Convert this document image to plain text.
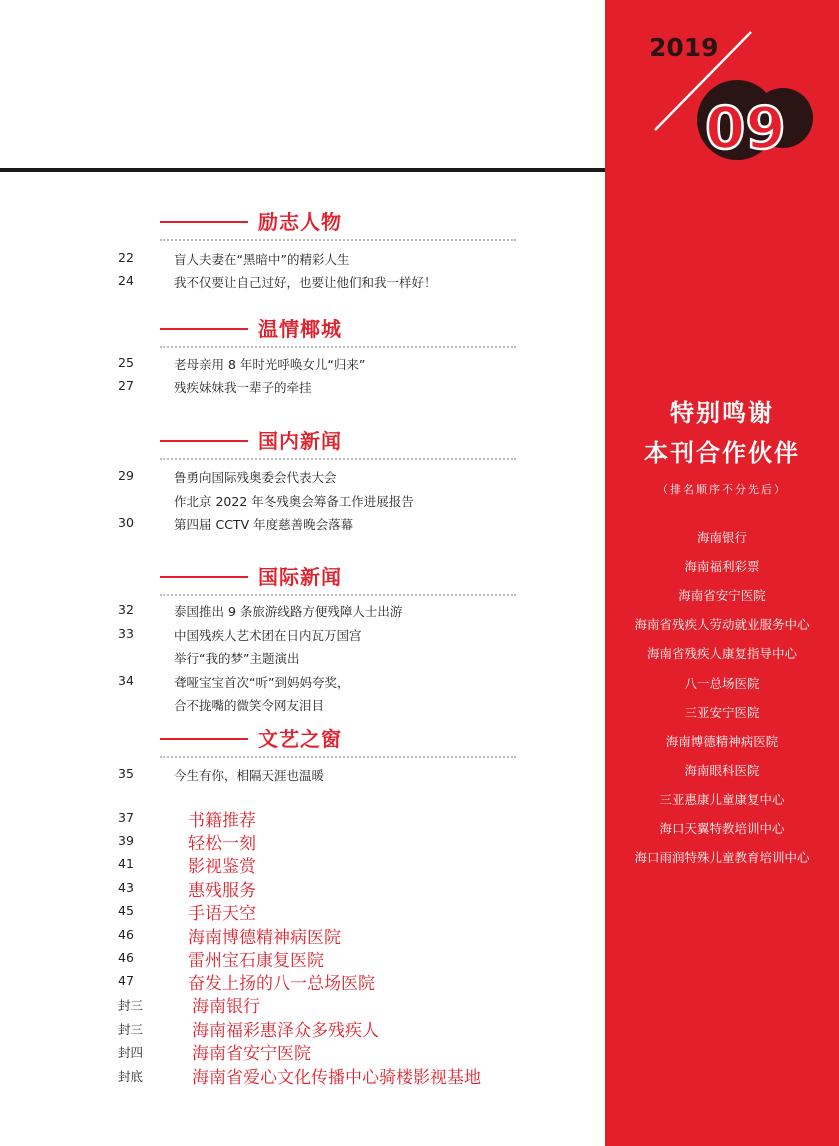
励志人物
22	盲人夫妻在“黑暗中”的精彩人生
24	我不仅要让自己过好，也要让他们和我一样好！
温情椰城
25	老母亲用 8 年时光呼唤女儿“归来”
27	残疾妹妹我一辈子的牵挂
国内新闻
29	鲁勇向国际残奥委会代表大会
作北京 2022 年冬残奥会筹备工作进展报告
30	第四届 CCTV 年度慈善晚会落幕
国际新闻
32	泰国推出 9 条旅游线路方便残障人士出游
33	中国残疾人艺术团在日内瓦万国宫
举行“我的梦”主题演出
34	聋哑宝宝首次“听”到妈妈夸奖，
合不拢嘴的微笑令网友泪目
文艺之窗
35	今生有你，相隔天涯也温暖
37	书籍推荐
39	轻松一刻
41	影视鉴赏
43	惠残服务
45	手语天空
46	海南博德精神病医院
46	雷州宝石康复医院
47	奋发上扬的八一总场医院
封三	海南银行
封三	海南福彩惠泽众多残疾人
封四	海南省安宁医院
封底	海南省爱心文化传播中心骑楼影视基地
2019
09
特别鸣谢
本刊合作伙伴
（排名顺序不分先后）
海南银行
海南福利彩票
海南省安宁医院
海南省残疾人劳动就业服务中心
海南省残疾人康复指导中心
八一总场医院
三亚安宁医院
海南博德精神病医院
海南眼科医院
三亚惠康儿童康复中心
海口天翼特教培训中心
海口雨润特殊儿童教育培训中心
